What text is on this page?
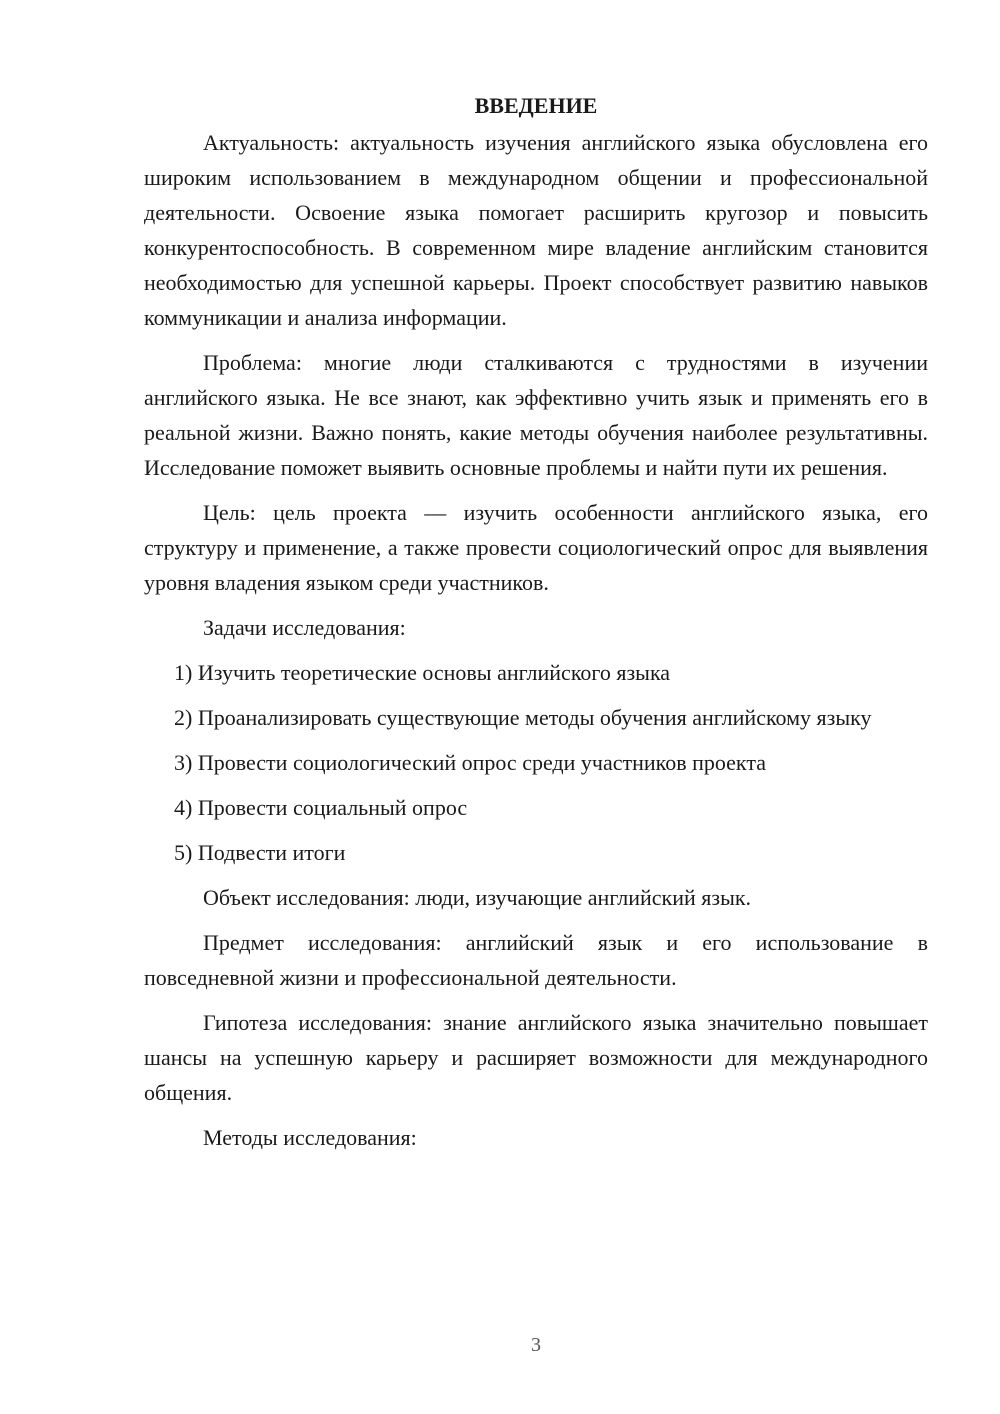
ВВЕДЕНИЕ

Актуальность: актуальность изучения английского языка обусловлена его широким использованием в международном общении и профессиональной деятельности. Освоение языка помогает расширить кругозор и повысить конкурентоспособность. В современном мире владение английским становится необходимостью для успешной карьеры. Проект способствует развитию навыков коммуникации и анализа информации.

Проблема: многие люди сталкиваются с трудностями в изучении английского языка. Не все знают, как эффективно учить язык и применять его в реальной жизни. Важно понять, какие методы обучения наиболее результативны. Исследование поможет выявить основные проблемы и найти пути их решения.

Цель: цель проекта — изучить особенности английского языка, его структуру и применение, а также провести социологический опрос для выявления уровня владения языком среди участников.

Задачи исследования:

1) Изучить теоретические основы английского языка

2) Проанализировать существующие методы обучения английскому языку

3) Провести социологический опрос среди участников проекта

4) Провести социальный опрос

5) Подвести итоги

Объект исследования: люди, изучающие английский язык.

Предмет исследования: английский язык и его использование в повседневной жизни и профессиональной деятельности.

Гипотеза исследования: знание английского языка значительно повышает шансы на успешную карьеру и расширяет возможности для международного общения.

Методы исследования:

3
